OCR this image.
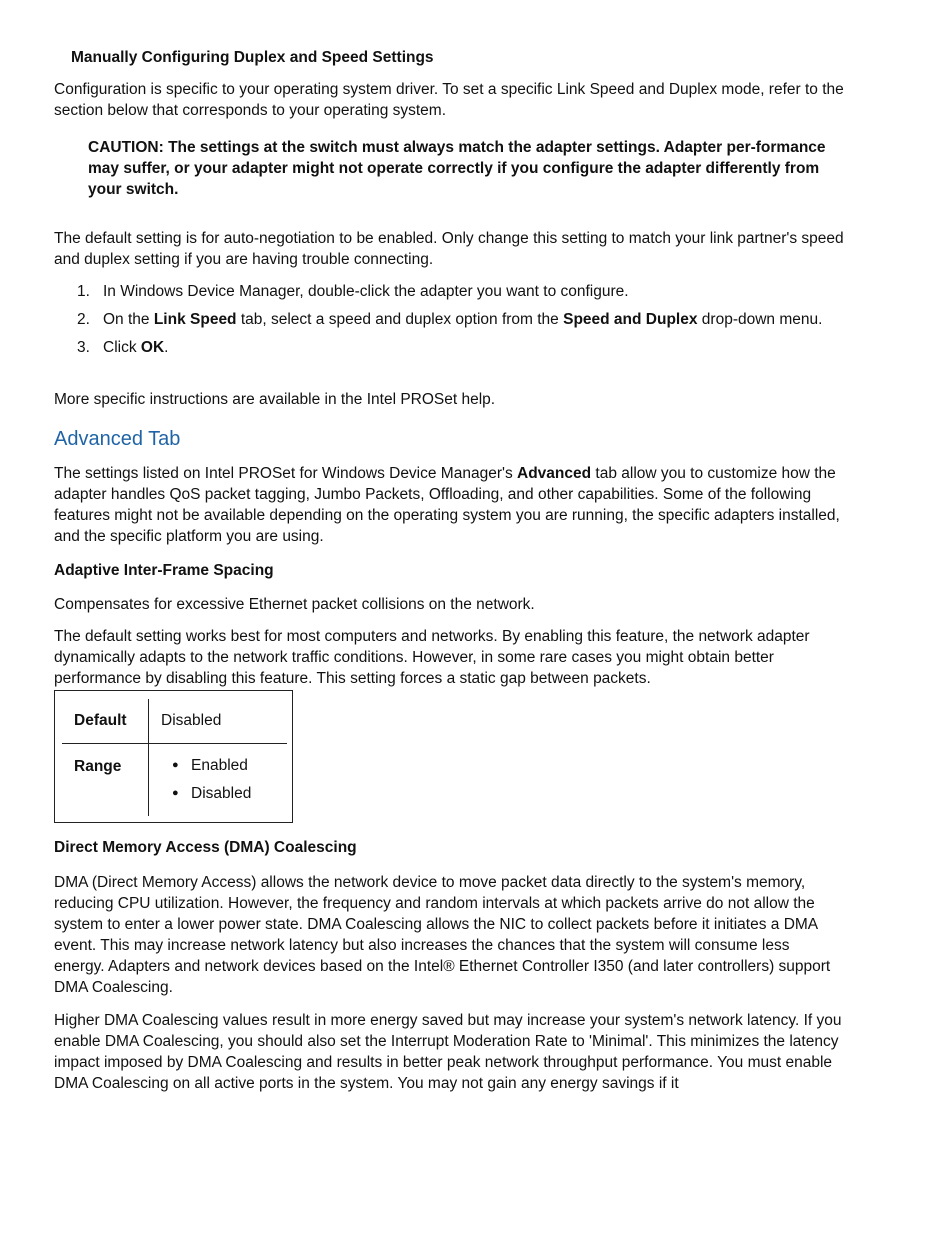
Manually Configuring Duplex and Speed Settings

Configuration is specific to your operating system driver. To set a specific Link Speed and Duplex mode, refer to the section below that corresponds to your operating system.

CAUTION: The settings at the switch must always match the adapter settings. Adapter per-formance may suffer, or your adapter might not operate correctly if you configure the adapter differently from your switch.

The default setting is for auto-negotiation to be enabled. Only change this setting to match your link partner's speed and duplex setting if you are having trouble connecting.

1. In Windows Device Manager, double-click the adapter you want to configure.
2. On the Link Speed tab, select a speed and duplex option from the Speed and Duplex drop-down menu.
3. Click OK.

More specific instructions are available in the Intel PROSet help.

Advanced Tab

The settings listed on Intel PROSet for Windows Device Manager's Advanced tab allow you to customize how the adapter handles QoS packet tagging, Jumbo Packets, Offloading, and other capabilities. Some of the following features might not be available depending on the operating system you are running, the specific adapters installed, and the specific platform you are using.

Adaptive Inter-Frame Spacing

Compensates for excessive Ethernet packet collisions on the network.

The default setting works best for most computers and networks. By enabling this feature, the network adapter dynamically adapts to the network traffic conditions. However, in some rare cases you might obtain better performance by disabling this feature. This setting forces a static gap between packets.

Default Disabled
Range	● Enabled
● Disabled
Direct Memory Access (DMA) Coalescing

DMA (Direct Memory Access) allows the network device to move packet data directly to the system's memory, reducing CPU utilization. However, the frequency and random intervals at which packets arrive do not allow the system to enter a lower power state. DMA Coalescing allows the NIC to collect packets before it initiates a DMA event. This may increase network latency but also increases the chances that the system will consume less energy. Adapters and network devices based on the Intel® Ethernet Controller I350 (and later controllers) support DMA Coalescing.

Higher DMA Coalescing values result in more energy saved but may increase your system's network latency. If you enable DMA Coalescing, you should also set the Interrupt Moderation Rate to 'Minimal'. This minimizes the latency impact imposed by DMA Coalescing and results in better peak network throughput performance. You must enable DMA Coalescing on all active ports in the system. You may not gain any energy savings if it
